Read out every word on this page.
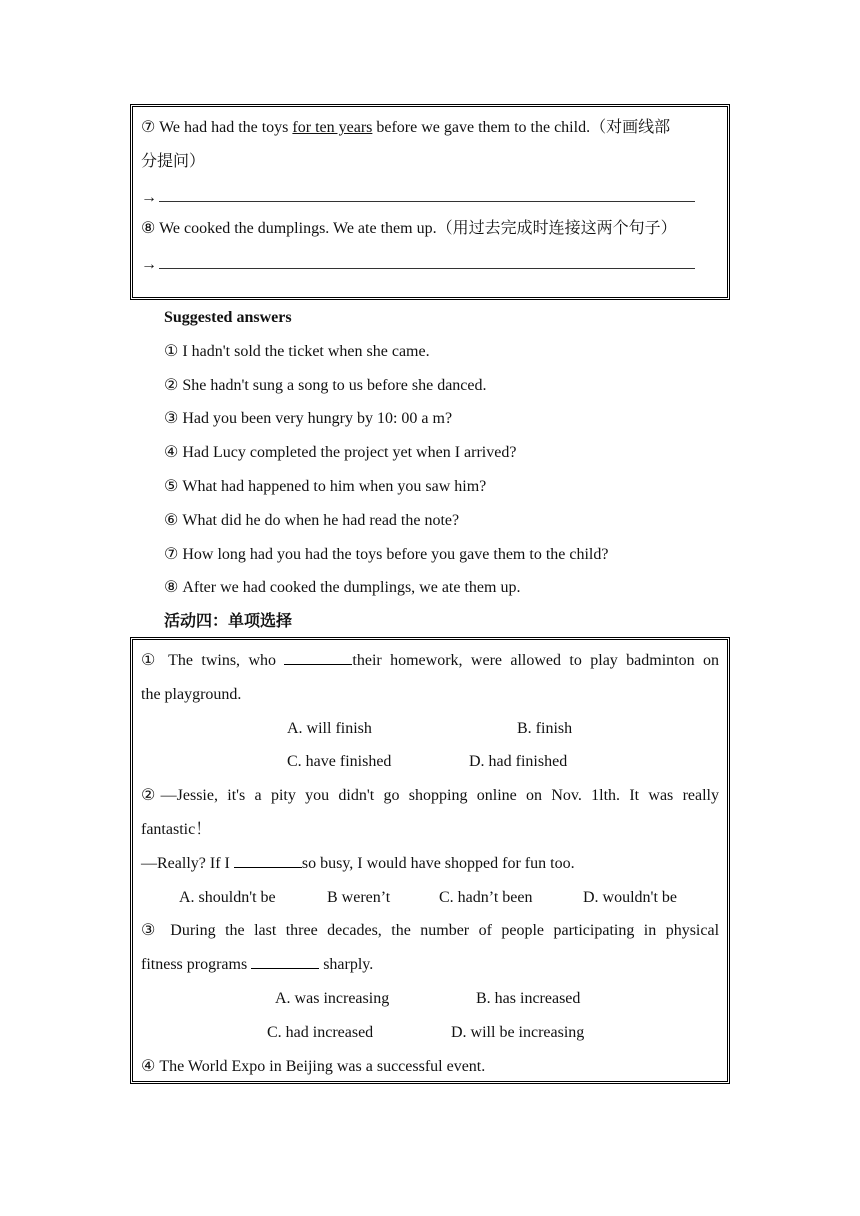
⑦ We had had the toys for ten years before we gave them to the child.（对画线部
分提问）
→
⑧ We cooked the dumplings. We ate them up.（用过去完成时连接这两个句子）
→
Suggested answers
① I hadn't sold the ticket when she came.
② She hadn't sung a song to us before she danced.
③ Had you been very hungry by 10: 00 a m?
④ Had Lucy completed the project yet when I arrived?
⑤ What had happened to him when you saw him?
⑥ What did he do when he had read the note?
⑦ How long had you had the toys before you gave them to the child?
⑧ After we had cooked the dumplings, we ate them up.
活动四：单项选择
① The twins, who	their homework, were allowed to play badminton on
the playground.
A. will finish	B. finish
C. have finished	D. had finished
②—Jessie, it's a pity you didn't go shopping online on Nov. 1lth. It was really
fantastic！
—Really? If I	so busy, I would have shopped for fun too.
A. shouldn't be	B weren’t	C. hadn’t been	D. wouldn't be
③ During the last three decades, the number of people participating in physical
fitness programs	sharply.
A. was increasing	B. has increased
C. had increased	D. will be increasing
④ The World Expo in Beijing was a successful event.
